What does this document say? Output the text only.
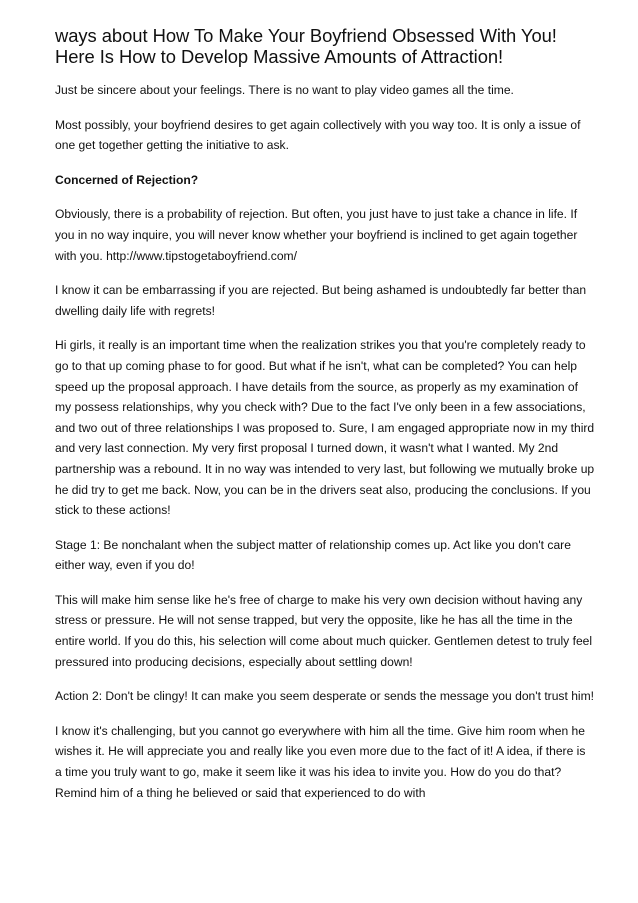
ways about How To Make Your Boyfriend Obsessed With You! Here Is How to Develop Massive Amounts of Attraction!

Just be sincere about your feelings. There is no want to play video games all the time.

Most possibly, your boyfriend desires to get again collectively with you way too. It is only a issue of one get together getting the initiative to ask.

Concerned of Rejection?

Obviously, there is a probability of rejection. But often, you just have to just take a chance in life. If you in no way inquire, you will never know whether your boyfriend is inclined to get again together with you. http://www.tipstogetaboyfriend.com/

I know it can be embarrassing if you are rejected. But being ashamed is undoubtedly far better than dwelling daily life with regrets!

Hi girls, it really is an important time when the realization strikes you that you're completely ready to go to that up coming phase to for good. But what if he isn't, what can be completed? You can help speed up the proposal approach. I have details from the source, as properly as my examination of my possess relationships, why you check with? Due to the fact I've only been in a few associations, and two out of three relationships I was proposed to. Sure, I am engaged appropriate now in my third and very last connection. My very first proposal I turned down, it wasn't what I wanted. My 2nd partnership was a rebound. It in no way was intended to very last, but following we mutually broke up he did try to get me back. Now, you can be in the drivers seat also, producing the conclusions. If you stick to these actions!

Stage 1: Be nonchalant when the subject matter of relationship comes up. Act like you don't care either way, even if you do!

This will make him sense like he's free of charge to make his very own decision without having any stress or pressure. He will not sense trapped, but very the opposite, like he has all the time in the entire world. If you do this, his selection will come about much quicker. Gentlemen detest to truly feel pressured into producing decisions, especially about settling down!

Action 2: Don't be clingy! It can make you seem desperate or sends the message you don't trust him!

I know it's challenging, but you cannot go everywhere with him all the time. Give him room when he wishes it. He will appreciate you and really like you even more due to the fact of it! A idea, if there is a time you truly want to go, make it seem like it was his idea to invite you. How do you do that? Remind him of a thing he believed or said that experienced to do with
